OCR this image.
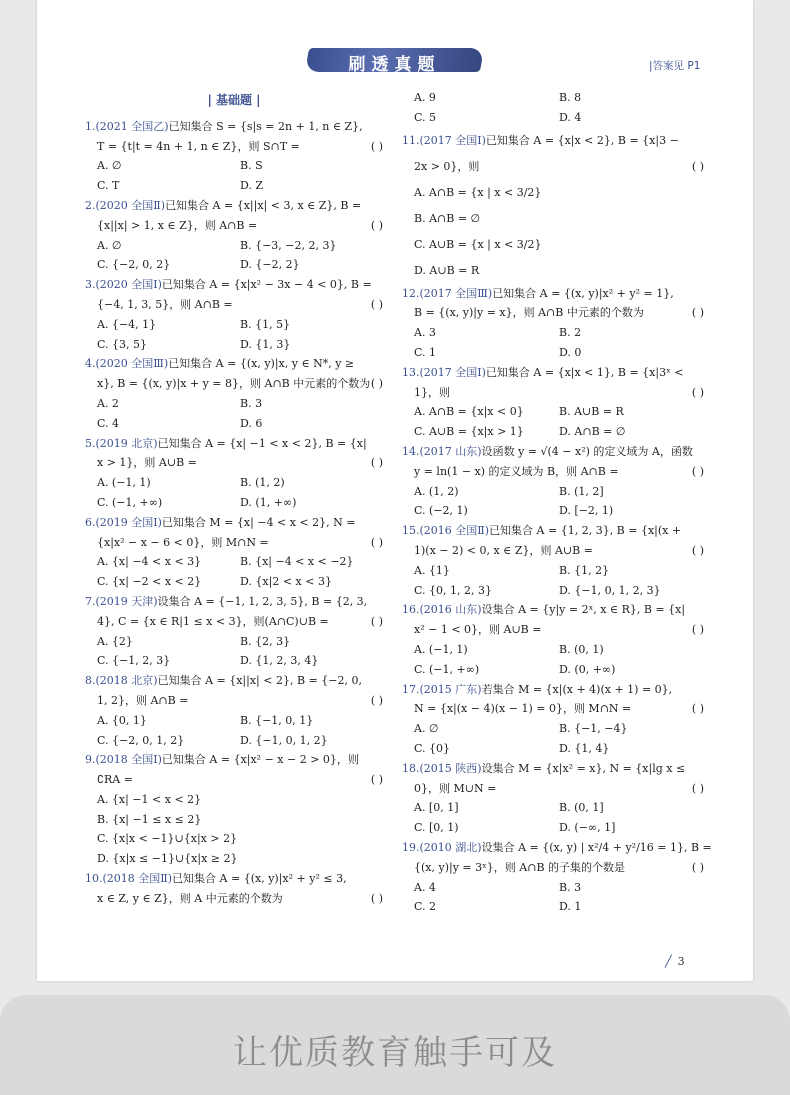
刷透真题	|答案见 P1
| 基础题 |
1.(2021 全国乙)已知集合 S = {s|s = 2n + 1, n ∈ Z},
T = {t|t = 4n + 1, n ∈ Z}，则 S∩T =	( )
A. ∅	B. S
C. T	D. Z
2.(2020 全国Ⅱ)已知集合 A = {x||x| < 3, x ∈ Z}, B =
{x||x| > 1, x ∈ Z}，则 A∩B =	( )
A. ∅	B. {−3, −2, 2, 3}
C. {−2, 0, 2}	D. {−2, 2}
3.(2020 全国Ⅰ)已知集合 A = {x|x² − 3x − 4 < 0}, B =
{−4, 1, 3, 5}，则 A∩B =	( )
A. {−4, 1}	B. {1, 5}
C. {3, 5}	D. {1, 3}
4.(2020 全国Ⅲ)已知集合 A = {(x, y)|x, y ∈ N*, y ≥
x}, B = {(x, y)|x + y = 8}，则 A∩B 中元素的个数为 ( )
A. 2	B. 3
C. 4	D. 6
5.(2019 北京)已知集合 A = {x| −1 < x < 2}, B = {x|
x > 1}，则 A∪B =	( )
A. (−1, 1)	B. (1, 2)
C. (−1, +∞)	D. (1, +∞)
6.(2019 全国Ⅰ)已知集合 M = {x| −4 < x < 2}, N =
{x|x² − x − 6 < 0}，则 M∩N =	( )
A. {x| −4 < x < 3}	B. {x| −4 < x < −2}
C. {x| −2 < x < 2}	D. {x|2 < x < 3}
7.(2019 天津)设集合 A = {−1, 1, 2, 3, 5}, B = {2, 3,
4}, C = {x ∈ R|1 ≤ x < 3}，则(A∩C)∪B =	( )
A. {2}	B. {2, 3}
C. {−1, 2, 3}	D. {1, 2, 3, 4}
8.(2018 北京)已知集合 A = {x||x| < 2}, B = {−2, 0,
1, 2}，则 A∩B =	( )
A. {0, 1}	B. {−1, 0, 1}
C. {−2, 0, 1, 2}	D. {−1, 0, 1, 2}
9.(2018 全国Ⅰ)已知集合 A = {x|x² − x − 2 > 0}，则
∁RA =	( )
A. {x| −1 < x < 2}
B. {x| −1 ≤ x ≤ 2}
C. {x|x < −1}∪{x|x > 2}
D. {x|x ≤ −1}∪{x|x ≥ 2}
10.(2018 全国Ⅱ)已知集合 A = {(x, y)|x² + y² ≤ 3,
x ∈ Z, y ∈ Z}，则 A 中元素的个数为	( )
A. 9	B. 8
C. 5	D. 4
11.(2017 全国Ⅰ)已知集合 A = {x|x < 2}, B = {x|3 −
2x > 0}，则	( )
A. A∩B = {x | x < 3/2}
B. A∩B = ∅
C. A∪B = {x | x < 3/2}
D. A∪B = R
12.(2017 全国Ⅲ)已知集合 A = {(x, y)|x² + y² = 1},
B = {(x, y)|y = x}，则 A∩B 中元素的个数为	( )
A. 3	B. 2
C. 1	D. 0
13.(2017 全国Ⅰ)已知集合 A = {x|x < 1}, B = {x|3ˣ <
1}，则	( )
A. A∩B = {x|x < 0}	B. A∪B = R
C. A∪B = {x|x > 1}	D. A∩B = ∅
14.(2017 山东)设函数 y = √(4 − x²) 的定义域为 A，函数
y = ln(1 − x) 的定义域为 B，则 A∩B =	( )
A. (1, 2)	B. (1, 2]
C. (−2, 1)	D. [−2, 1)
15.(2016 全国Ⅱ)已知集合 A = {1, 2, 3}, B = {x|(x +
1)(x − 2) < 0, x ∈ Z}，则 A∪B =	( )
A. {1}	B. {1, 2}
C. {0, 1, 2, 3}	D. {−1, 0, 1, 2, 3}
16.(2016 山东)设集合 A = {y|y = 2ˣ, x ∈ R}, B = {x|
x² − 1 < 0}，则 A∪B =	( )
A. (−1, 1)	B. (0, 1)
C. (−1, +∞)	D. (0, +∞)
17.(2015 广东)若集合 M = {x|(x + 4)(x + 1) = 0},
N = {x|(x − 4)(x − 1) = 0}，则 M∩N =	( )
A. ∅	B. {−1, −4}
C. {0}	D. {1, 4}
18.(2015 陕西)设集合 M = {x|x² = x}, N = {x|lg x ≤
0}，则 M∪N =	( )
A. [0, 1]	B. (0, 1]
C. [0, 1)	D. (−∞, 1]
19.(2010 湖北)设集合 A = {(x, y) | x²/4 + y²/16 = 1}, B =
{(x, y)|y = 3ˣ}，则 A∩B 的子集的个数是	( )
A. 4	B. 3
C. 2	D. 1
╱ 3
让优质教育触手可及
